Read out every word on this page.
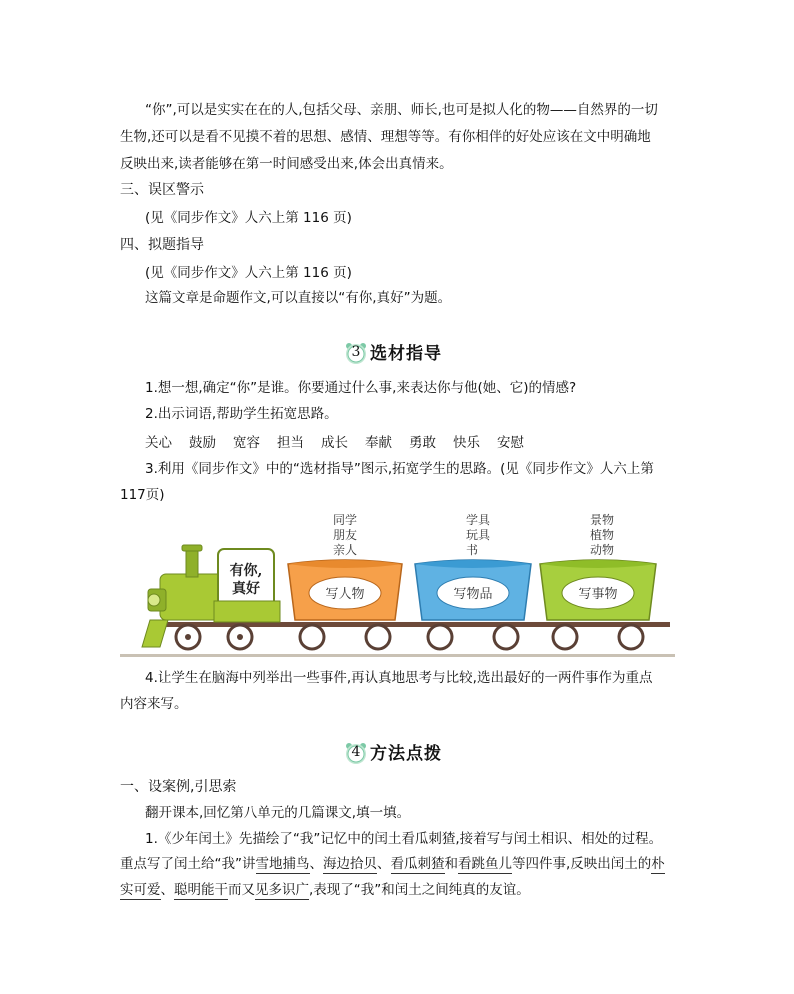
“你”,可以是实实在在的人,包括父母、亲朋、师长,也可是拟人化的物——自然界的一切
生物,还可以是看不见摸不着的思想、感情、理想等等。有你相伴的好处应该在文中明确地
反映出来,读者能够在第一时间感受出来,体会出真情来。
三、误区警示
(见《同步作文》人六上第 116 页)
四、拟题指导
(见《同步作文》人六上第 116 页)
这篇文章是命题作文,可以直接以“有你,真好”为题。
3 选材指导
1.想一想,确定“你”是谁。你要通过什么事,来表达你与他(她、它)的情感?
2.出示词语,帮助学生拓宽思路。
关心 鼓励 宽容 担当 成长 奉献 勇敢 快乐 安慰
3.利用《同步作文》中的“选材指导”图示,拓宽学生的思路。(见《同步作文》人六上第
117页)
同学
朋友
亲人
学具
玩具
书
景物
植物
动物
有你,
真好	写人物	写物品	写事物
4.让学生在脑海中列举出一些事件,再认真地思考与比较,选出最好的一两件事作为重点
内容来写。
4 方法点拨
一、设案例,引思索
翻开课本,回忆第八单元的几篇课文,填一填。
1.《少年闰土》先描绘了“我”记忆中的闰土看瓜刺猹,接着写与闰土相识、相处的过程。
重点写了闰土给“我”讲雪地捕鸟、海边拾贝、看瓜刺猹和看跳鱼儿等四件事,反映出闰土的朴
实可爱、聪明能干而又见多识广,表现了“我”和闰土之间纯真的友谊。
